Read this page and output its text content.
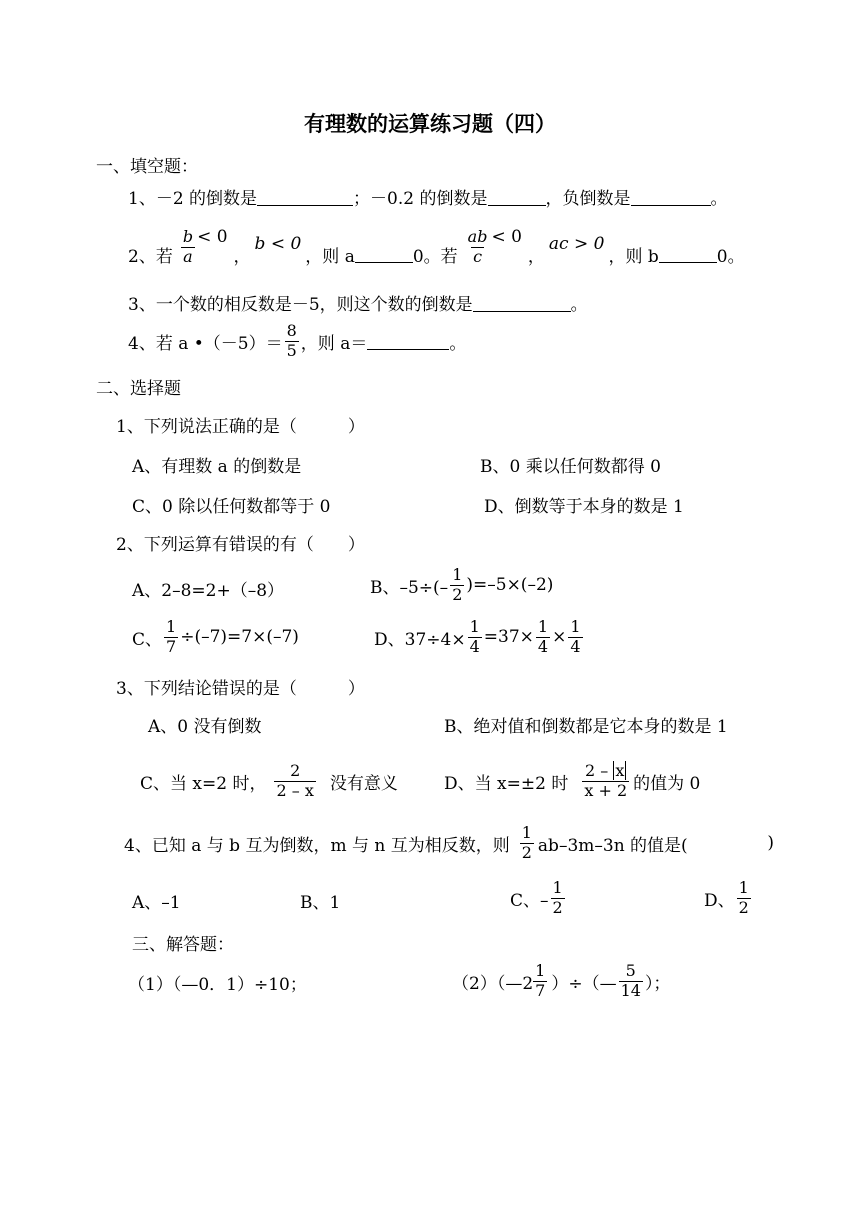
有理数的运算练习题（四）
一、填空题：
1、－2 的倒数是	；－0.2 的倒数是	，负倒数是	。
2、若 $\frac{b}{a} < 0$
，
b < 0
，则 a	0。若 $\frac{ab}{c} < 0$
，
ac > 0
，则 b	0。
3、一个数的相反数是－5，则这个数的倒数是	。
4、若 a •（－5）＝ $\frac{8}{5}$ ，则 a＝	。
二、选择题
1、下列说法正确的是（　　　）
A、有理数 a 的倒数是	B、0 乘以任何数都得 0
C、0 除以任何数都等于 0	D、倒数等于本身的数是 1
2、下列运算有错误的有（　　）
A、2–8=2+（–8）	B、$-5\div(- \frac{1}{2} )=-5\times(-2)$
C、 $\frac{1}{7} \div(-7)=7\times(-7)$	D、$37\div 4\times \frac{1}{4} =37\times \frac{1}{4} \times \frac{1}{4}$
3、下列结论错误的是（　　　）
A、0 没有倒数	B、绝对值和倒数都是它本身的数是 1
C、当 x=2 时， $\frac{2}{2 - x}$ 没有意义	D、当 x=±2 时 $\frac{2 - x}{x + 2}$ 的值为 0
4、已知 a 与 b 互为倒数，m 与 n 互为相反数，则 $\frac{1}{2} ab-3m-3n$ 的值是(	)
A、–1	B、1	C、– $\frac{1}{2}$	D、 $\frac{1}{2}$
三、解答题：
（1）（—0．1）÷10；	（2）（—2 $\frac{1}{7}$ ）÷（— $\frac{5}{14}$ ）；
